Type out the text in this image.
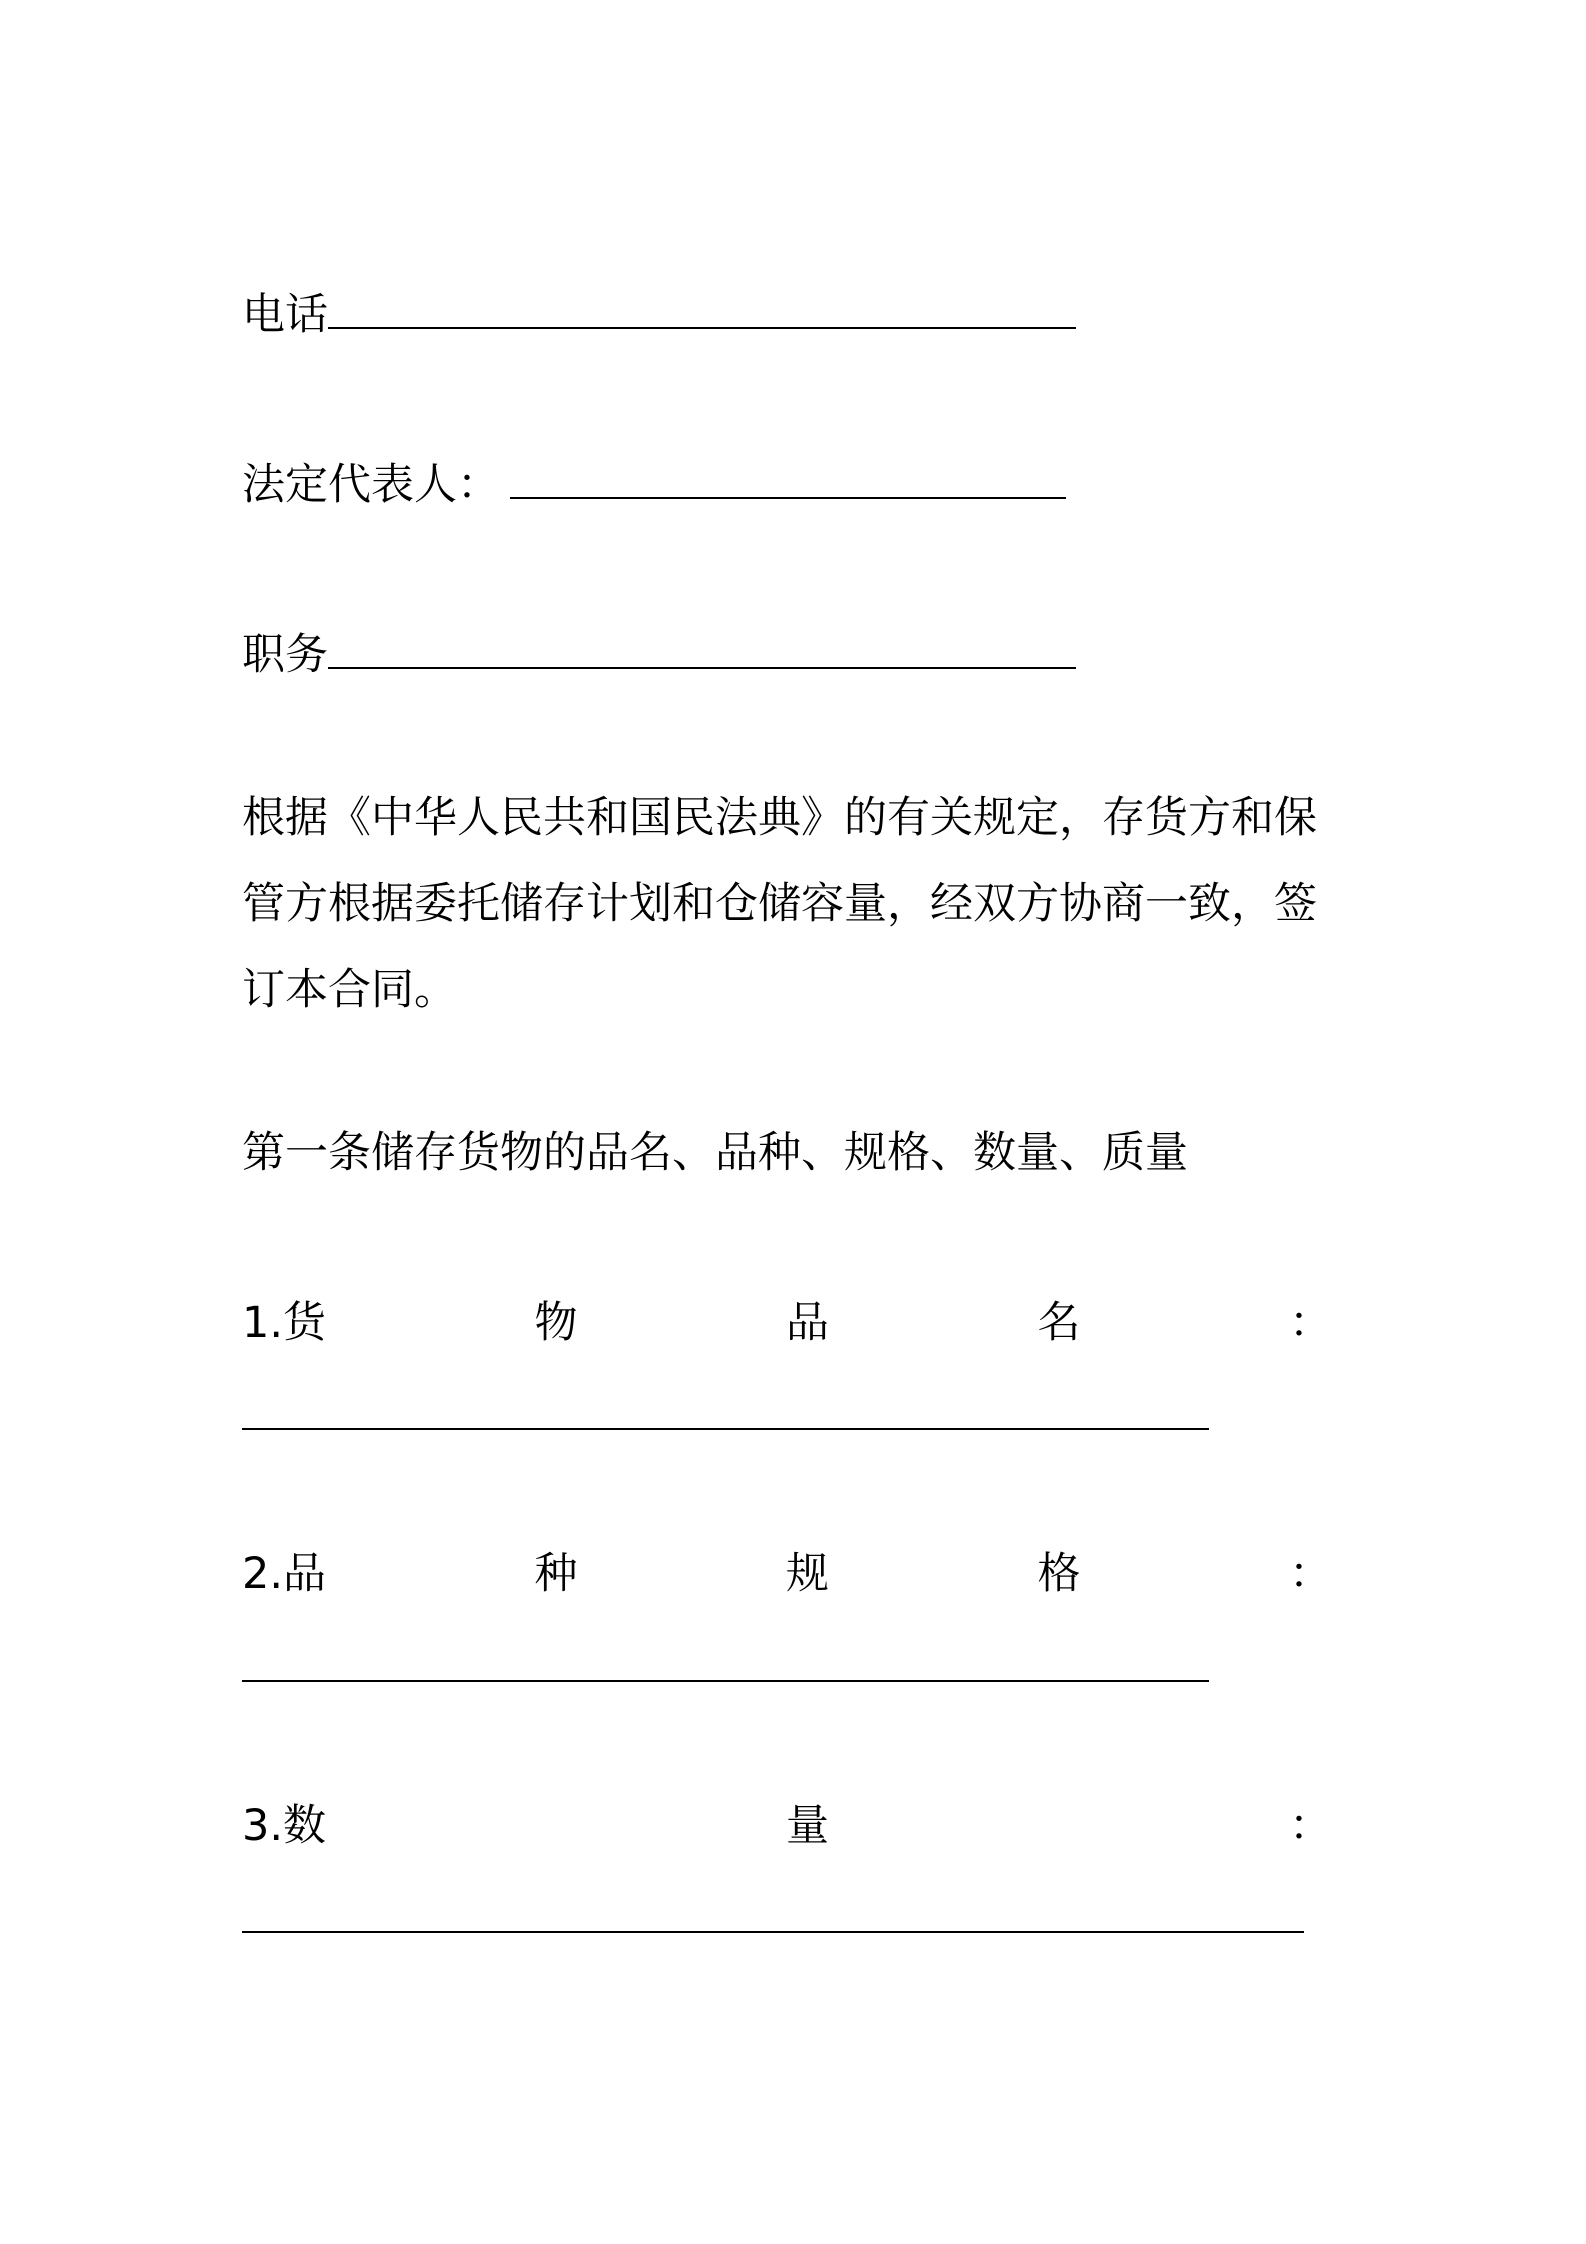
电话
法定代表人：
职务
根据《中华人民共和国民法典》的有关规定，存货方和保管方根据委托储存计划和仓储容量，经双方协商一致，签订本合同。
第一条储存货物的品名、品种、规格、数量、质量
1.货	物	品	名	：
2.品	种	规	格	：
3.数	量	：
